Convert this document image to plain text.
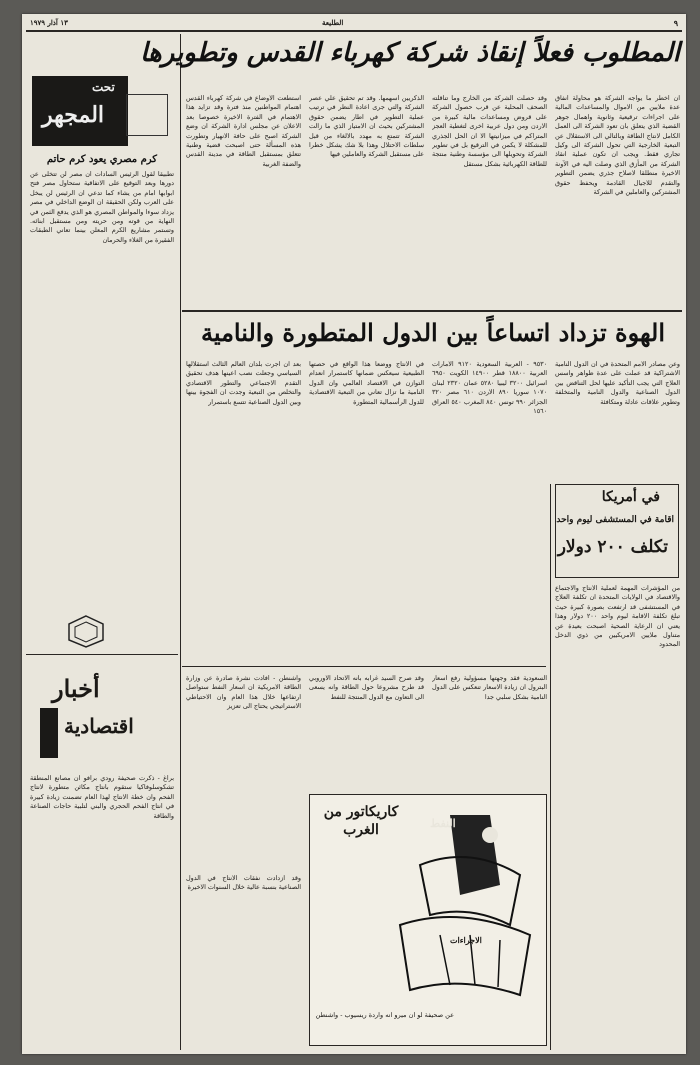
٩
الطليعة
١٣ آذار ١٩٧٩
تحت
المجهر
كرم مصري يعود كرم حاتم
تطبيقا لقول الرئيس السادات ان مصر لن تتخلى عن دورها وبعد التوقيع على الاتفاقية ستحاول مصر فتح ابوابها امام من يشاء كما تدعي ان الرئيس لن يبخل على العرب ولكن الحقيقة ان الوضع الداخلي في مصر يزداد سوءا والمواطن المصري هو الذي يدفع الثمن في النهاية من قوته ومن حريته ومن مستقبل ابنائه. وتستمر مشاريع الكرم المعلن بينما تعاني الطبقات الفقيرة من الغلاء والحرمان
أخبار
اقتصادية
براغ - ذكرت صحيفة رودي برافو ان مصانع المنطقة تشكوسلوفاكيا ستقوم بانتاج مكائن متطورة لانتاج الفحم وان خطة الانتاج لهذا العام تضمنت زيادة كبيرة في انتاج الفحم الحجري والبني لتلبية حاجات الصناعة والطاقة
المطلوب فعلاً إنقاذ شركة كهرباء القدس وتطويرها
استطعت الاوضاع في شركة كهرباء القدس اهتمام المواطنين منذ فترة وقد تزايد هذا الاهتمام في الفترة الاخيرة خصوصا بعد الاعلان عن مجلس ادارة الشركة ان وضع الشركة اصبح على حافة الانهيار وتطورت هذه المسألة حتى اصبحت قضية وطنية تتعلق بمستقبل الطاقة في مدينة القدس والضفة الغربية
الذكريين اسهمها. وقد تم تحقيق علي عصر الشركة والتي جرى اعادة النظر في ترتيب عملية التطوير في اطار يضمن حقوق المشتركين بحيث ان الامتياز الذي ما زالت الشركة تتمتع به مهدد بالالغاء من قبل سلطات الاحتلال وهذا بلا شك يشكل خطرا على مستقبل الشركة والعاملين فيها
وقد حصلت الشركة من الخارج وما تناقلته الصحف المحلية عن قرب حصول الشركة على قروض ومساعدات مالية كبيرة من الاردن ومن دول عربية اخرى لتغطية العجز المتراكم في ميزانيتها الا ان الحل الجذري للمشكلة لا يكمن في الترقيع بل في تطوير الشركة وتحويلها الى مؤسسة وطنية منتجة للطاقة الكهربائية بشكل مستقل
ان اخطر ما يواجه الشركة هو محاولة انفاق عدة ملايين من الاموال والمساعدات المالية على اجراءات ترقيعية وثانوية واهمال جوهر القضية الذي يتعلق بان تعود الشركة الى العمل الكامل لانتاج الطاقة وبالتالي الى الاستقلال عن التبعية الخارجية التي تحول الشركة الى وكيل تجاري فقط. ويجب ان تكون عملية انقاذ الشركة من المأزق الذي وصلت اليه في الآونة الاخيرة منطلقا لاصلاح جذري يضمن التطوير والتقدم للاجيال القادمة ويحفظ حقوق المشتركين والعاملين في الشركة
الهوة تزداد اتساعاً بين الدول المتطورة والنامية
بعد ان اجرت بلدان العالم الثالث استقلالها السياسي وجعلت نصب اعينها هدف تحقيق التقدم الاجتماعي والتطور الاقتصادي والتخلص من التبعية وجدت ان الفجوة بينها وبين الدول الصناعية تتسع باستمرار
في الانتاج ووضعا هذا الواقع في حصتها الطبيعية سيعكس ضمانها كاستمرار انعدام التوازن في الاقتصاد العالمي وان الدول النامية ما تزال تعاني من التبعية الاقتصادية للدول الرأسمالية المتطورة
٩٥٣٠ - العربية السعودية ٩١٢٠ الامارات العربية ١٨٨٠٠ قطر ١٤٩٠٠ الكويت ٦٩٥٠ اسرائيل ٣٢٠٠ ليبيا ٥٢٨٠ عمان ٢٣٢٠ لبنان ١٠٧٠ سوريا ٨٩٠ الاردن ٦١٠ مصر ٣٢٠ الجزائر ٩٩٠ تونس ٨٤٠ المغرب ٥٤٠ العراق ١٥٦٠
وعن مصادر الامم المتحدة في ان الدول النامية الاشتراكية قد عملت على عدة ظواهر واسس العلاج التي يجب التأكيد عليها لحل التناقض بين الدول الصناعية والدول النامية والمتخلفة وتطوير علاقات عادلة ومتكافئة
في أمريكا
اقامة في المستشفى ليوم واحد
تكلف ٢٠٠ دولار
من المؤشرات المهمة لعملية الانتاج والاجتماع والاقتصاد في الولايات المتحدة ان تكلفة العلاج في المستشفى قد ارتفعت بصورة كبيرة حيث تبلغ تكلفة الاقامة ليوم واحد ٢٠٠ دولار وهذا يعني ان الرعاية الصحية اصبحت بعيدة عن متناول ملايين الامريكيين من ذوي الدخل المحدود
واشنطن - افادت نشرة صادرة عن وزارة الطاقة الامريكية ان اسعار النفط ستواصل ارتفاعها خلال هذا العام وان الاحتياطي الاستراتيجي يحتاج الى تعزيز
وقد صرح السيد غرابه بانه الاتحاد الاوروبي قد طرح مشروعا حول الطاقة وانه يسعى الى التعاون مع الدول المنتجة للنفط
السعودية فقد وجهتها مسؤولية رفع اسعار البترول ان زيادة الاسعار تنعكس على الدول النامية بشكل سلبي جدا
كاريكاتور من الغرب	النفط
الاجراءات
عن صحيفة لو ان ميرو انه واردة ريسيوب - واشنطن
وقد ازدادت نفقات الانتاج في الدول الصناعية بنسبة عالية خلال السنوات الاخيرة
